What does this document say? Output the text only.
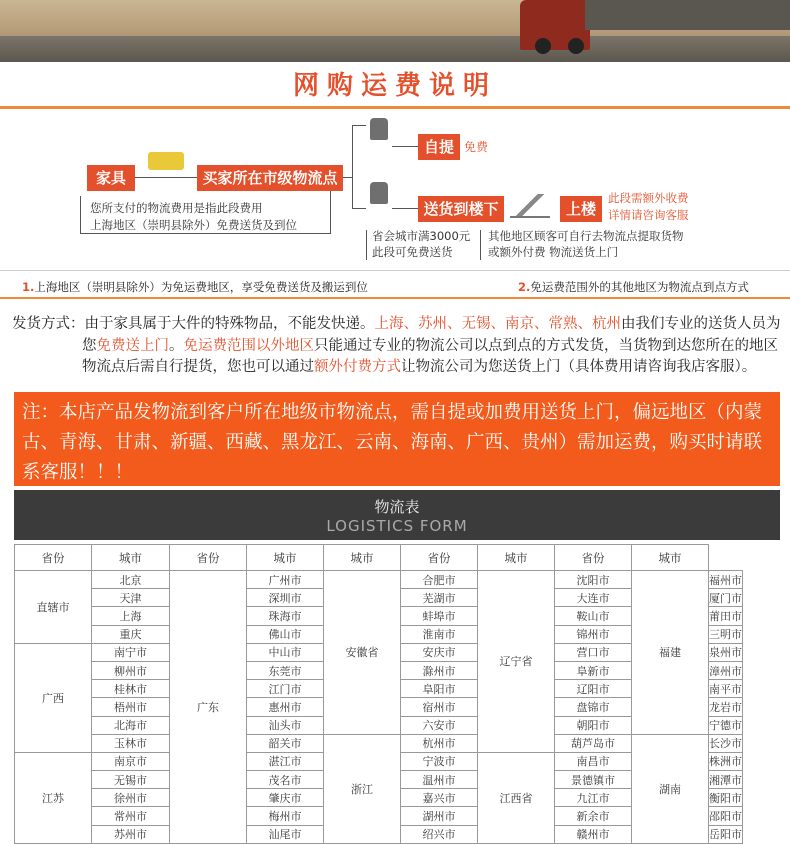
网购运费说明
家具	买家所在市级物流点
您所支付的物流费用是指此段费用
上海地区（崇明县除外）免费送货及到位
自提 免费
送货到楼下	上楼
此段需额外收费
详情请咨询客服
省会城市满3000元
此段可免费送货
其他地区顾客可自行去物流点提取货物
或额外付费 物流送货上门
1.上海地区（崇明县除外）为免运费地区，享受免费送货及搬运到位	2.免运费范围外的其他地区为物流点到点方式
发货方式：由于家具属于大件的特殊物品，不能发快递。上海、苏州、无锡、南京、常熟、杭州由我们专业的送货人员为
您免费送上门。免运费范围以外地区只能通过专业的物流公司以点到点的方式发货，当货物到达您所在的地区
物流点后需自行提货，您也可以通过额外付费方式让物流公司为您送货上门（具体费用请咨询我店客服）。
注：本店产品发物流到客户所在地级市物流点，需自提或加费用送货上门，偏远地区（内蒙古、青海、甘肃、新疆、西藏、黑龙江、云南、海南、广西、贵州）需加运费，购买时请联系客服！！！
物流表
LOGISTICS FORM
省份	城市	省份	城市	城市	省份	城市	省份	城市	
直辖市	北京	广东	广州市	安徽省	合肥市	辽宁省	沈阳市	福建	福州市
	天津		深圳市		芜湖市		大连市		厦门市
	上海		珠海市		蚌埠市		鞍山市		莆田市
	重庆		佛山市		淮南市		锦州市		三明市
广西	南宁市		中山市		安庆市		营口市		泉州市
	柳州市		东莞市		滁州市		阜新市		漳州市
	桂林市		江门市		阜阳市		辽阳市		南平市
	梧州市		惠州市		宿州市		盘锦市		龙岩市
	北海市		汕头市		六安市		朝阳市		宁德市
	玉林市		韶关市	浙江	杭州市		葫芦岛市	湖南	长沙市
江苏	南京市		湛江市		宁波市	江西省	南昌市		株洲市
	无锡市		茂名市		温州市		景德镇市		湘潭市
	徐州市		肇庆市		嘉兴市		九江市		衡阳市
	常州市		梅州市		湖州市		新余市		邵阳市
	苏州市		汕尾市		绍兴市		赣州市		岳阳市
